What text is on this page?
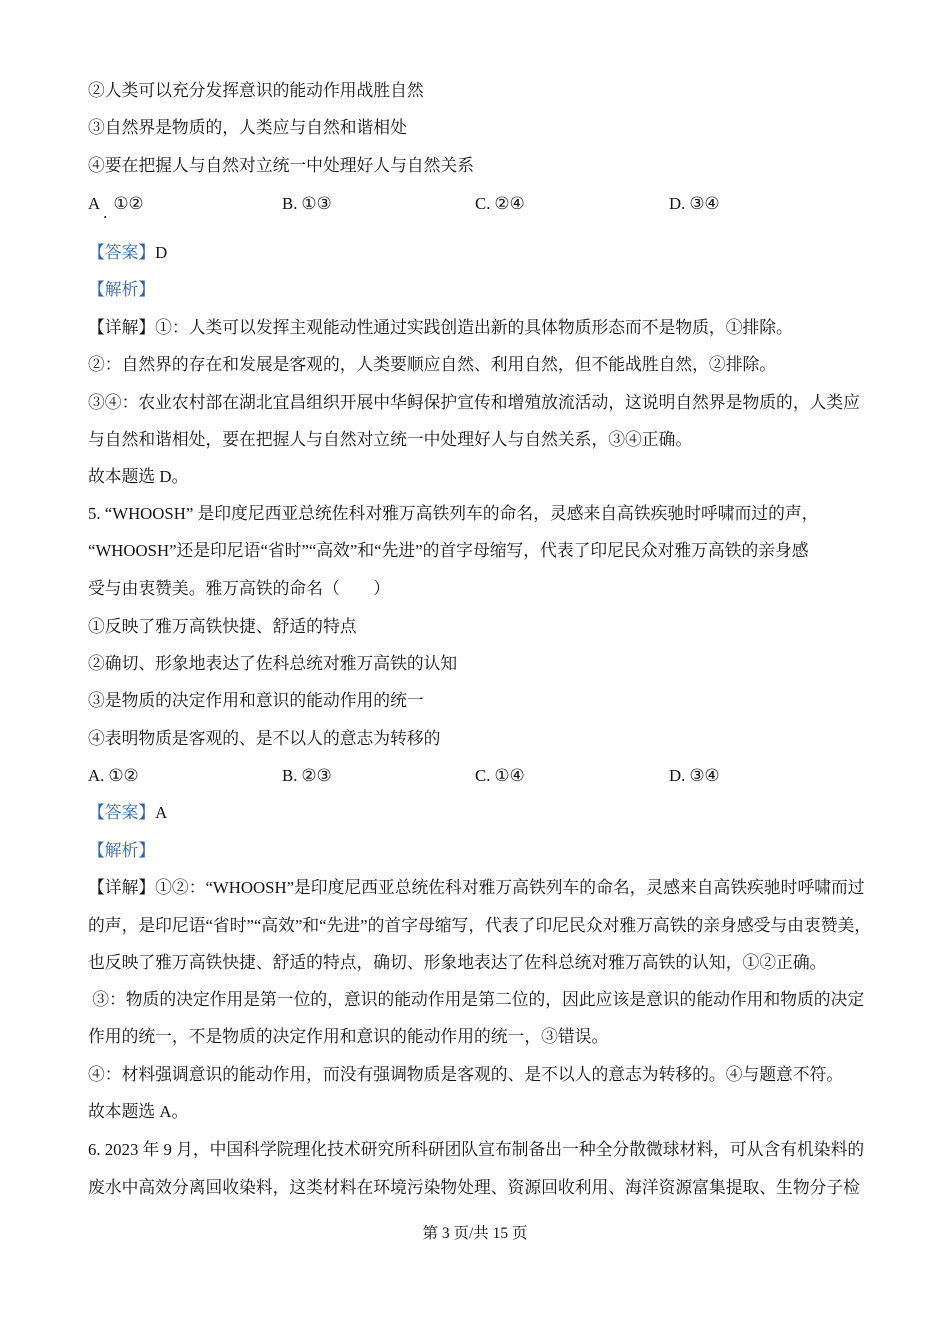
②人类可以充分发挥意识的能动作用战胜自然
③自然界是物质的，人类应与自然和谐相处
④要在把握人与自然对立统一中处理好人与自然关系
A . ①②	B. ①③	C. ②④	D. ③④
【答案】D
【解析】
【详解】①：人类可以发挥主观能动性通过实践创造出新的具体物质形态而不是物质，①排除。
②：自然界的存在和发展是客观的，人类要顺应自然、利用自然，但不能战胜自然，②排除。
③④：农业农村部在湖北宜昌组织开展中华鲟保护宣传和增殖放流活动，这说明自然界是物质的，人类应
与自然和谐相处，要在把握人与自然对立统一中处理好人与自然关系，③④正确。
故本题选 D。
5. “WHOOSH” 是印度尼西亚总统佐科对雅万高铁列车的命名，灵感来自高铁疾驰时呼啸而过的声，
“WHOOSH”还是印尼语“省时”“高效”和“先进”的首字母缩写，代表了印尼民众对雅万高铁的亲身感
受与由衷赞美。雅万高铁的命名（　　）
①反映了雅万高铁快捷、舒适的特点
②确切、形象地表达了佐科总统对雅万高铁的认知
③是物质的决定作用和意识的能动作用的统一
④表明物质是客观的、是不以人的意志为转移的
A. ①②	B. ②③	C. ①④	D. ③④
【答案】A
【解析】
【详解】①②：“WHOOSH”是印度尼西亚总统佐科对雅万高铁列车的命名，灵感来自高铁疾驰时呼啸而过
的声，是印尼语“省时”“高效”和“先进”的首字母缩写，代表了印尼民众对雅万高铁的亲身感受与由衷赞美，
也反映了雅万高铁快捷、舒适的特点，确切、形象地表达了佐科总统对雅万高铁的认知，①②正确。
③：物质的决定作用是第一位的，意识的能动作用是第二位的，因此应该是意识的能动作用和物质的决定
作用的统一，不是物质的决定作用和意识的能动作用的统一，③错误。
④：材料强调意识的能动作用，而没有强调物质是客观的、是不以人的意志为转移的。④与题意不符。
故本题选 A。
6. 2023 年 9 月，中国科学院理化技术研究所科研团队宣布制备出一种全分散微球材料，可从含有机染料的
废水中高效分离回收染料，这类材料在环境污染物处理、资源回收利用、海洋资源富集提取、生物分子检
第 3 页/共 15 页
